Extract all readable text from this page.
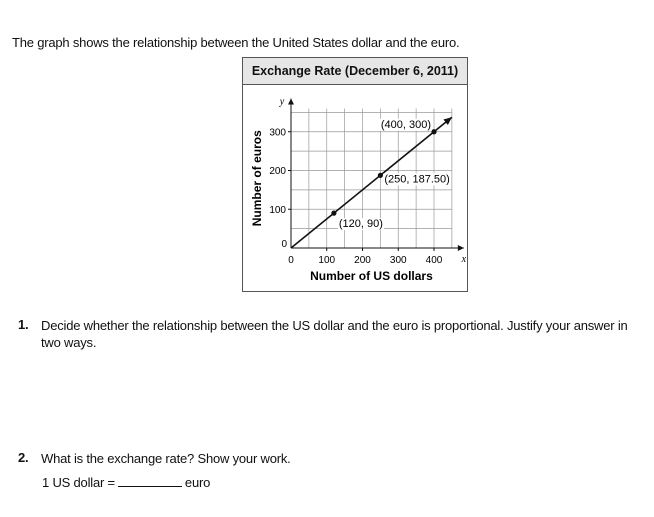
The graph shows the relationship between the United States dollar and the euro.
Exchange Rate (December 6, 2011)
100 200 300 400
100
200
300
0
0
x
y
Number of US dollars
Number of euros	(120, 90)
(250, 187.50)
(400, 300)
1. Decide whether the relationship between the US dollar and the euro is proportional. Justify your answer in two ways.
2. What is the exchange rate? Show your work.
1 US dollar =	euro
